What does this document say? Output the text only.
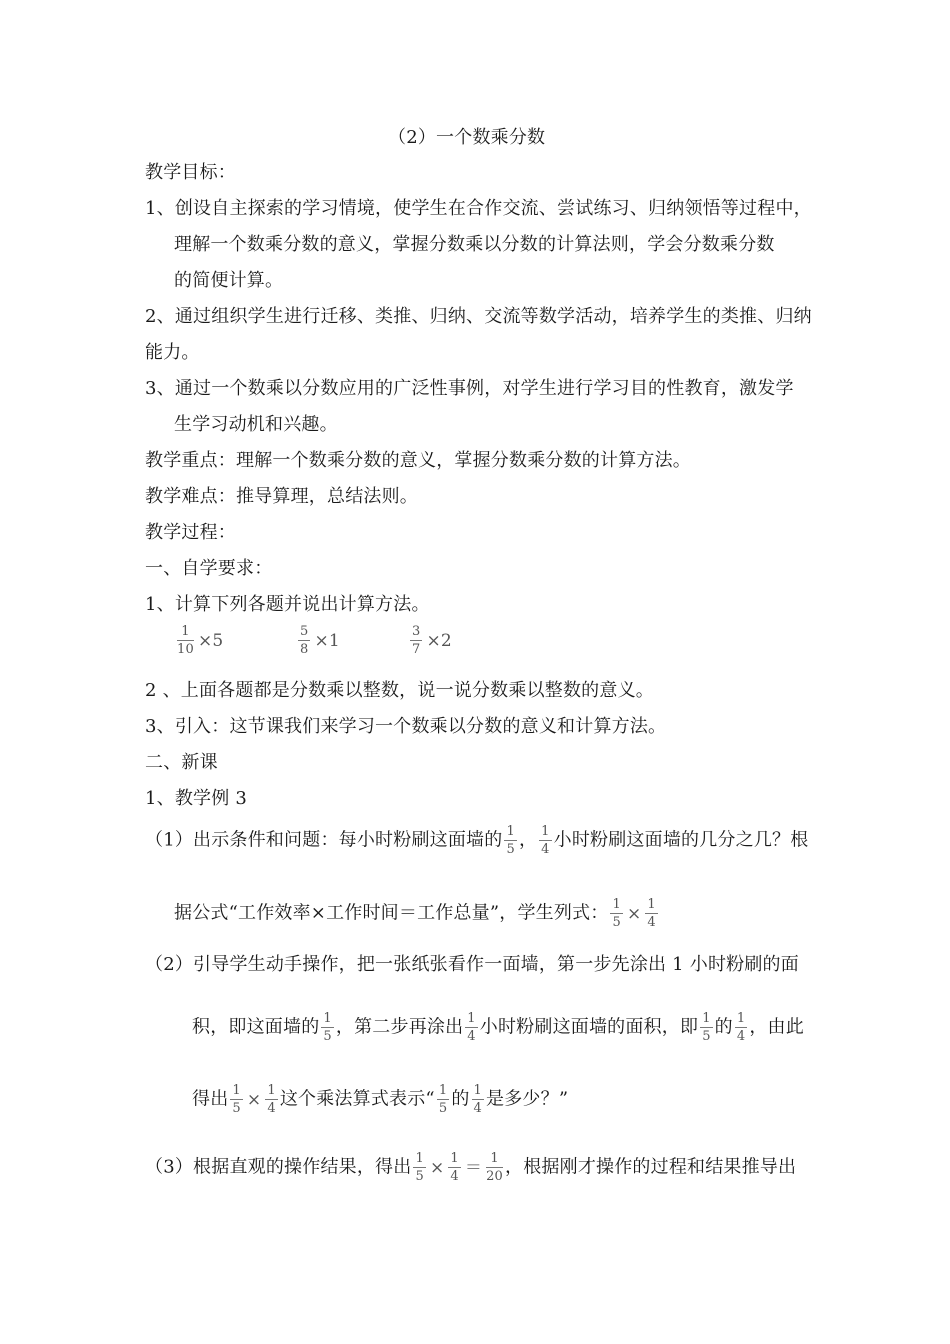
（2）一个数乘分数
教学目标：
1、创设自主探索的学习情境，使学生在合作交流、尝试练习、归纳领悟等过程中，
理解一个数乘分数的意义，掌握分数乘以分数的计算法则，学会分数乘分数
的简便计算。
2、通过组织学生进行迁移、类推、归纳、交流等数学活动，培养学生的类推、归纳
能力。
3、通过一个数乘以分数应用的广泛性事例，对学生进行学习目的性教育，激发学
生学习动机和兴趣。
教学重点：理解一个数乘分数的意义，掌握分数乘分数的计算方法。
教学难点：推导算理，总结法则。
教学过程：
一、自学要求：
1、计算下列各题并说出计算方法。
$\frac{1}{10} \times 5$	$\frac{5}{8} \times 1$	$\frac{3}{7} \times 2$
2 、上面各题都是分数乘以整数，说一说分数乘以整数的意义。
3、引入：这节课我们来学习一个数乘以分数的意义和计算方法。
二、新课
1、教学例 3
（1）出示条件和问题：每小时粉刷这面墙的 $\frac{1}{5}$ ， $\frac{1}{4}$ 小时粉刷这面墙的几分之几？根
据公式“工作效率×工作时间＝工作总量”，学生列式： $\frac{1}{5} \times \frac{1}{4}$
（2）引导学生动手操作，把一张纸张看作一面墙，第一步先涂出 1 小时粉刷的面
积，即这面墙的 $\frac{1}{5}$ ，第二步再涂出 $\frac{1}{4}$ 小时粉刷这面墙的面积，即 $\frac{1}{5}$ 的 $\frac{1}{4}$ ，由此
得出 $\frac{1}{5} \times \frac{1}{4}$ 这个乘法算式表示“ $\frac{1}{5}$ 的 $\frac{1}{4}$ 是多少？”
（3）根据直观的操作结果，得出 $\frac{1}{5} \times \frac{1}{4} = \frac{1}{20}$ ，根据刚才操作的过程和结果推导出
